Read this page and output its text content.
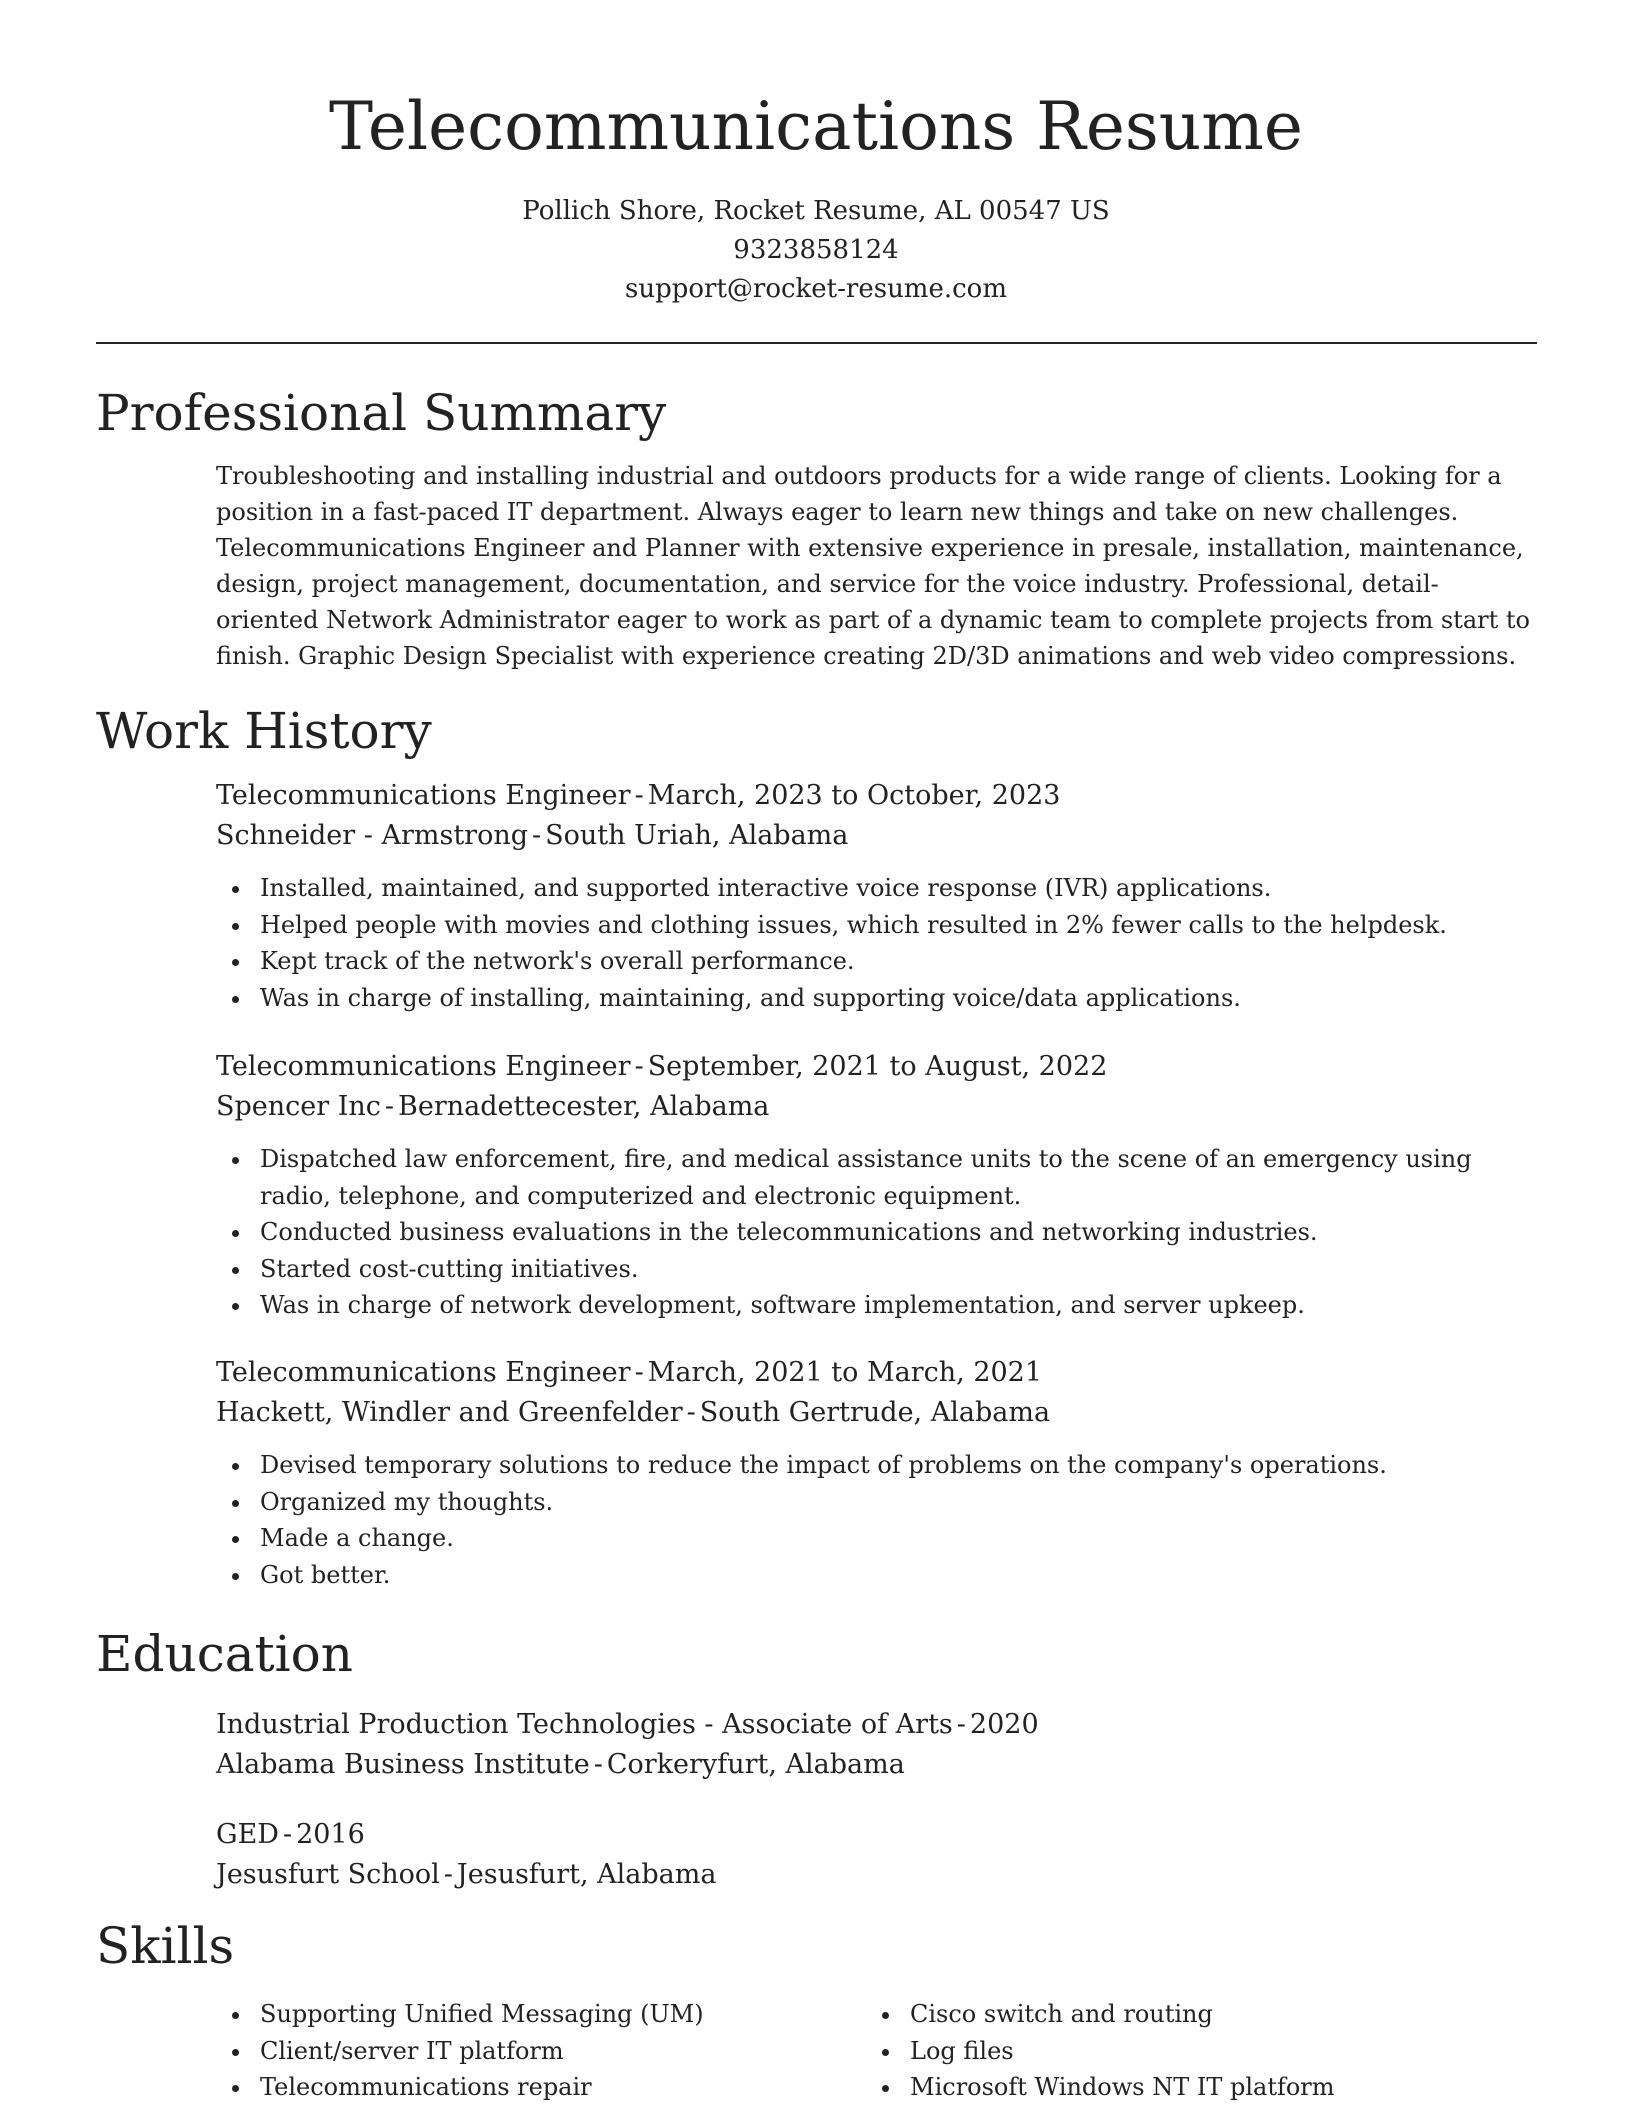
Telecommunications Resume
Pollich Shore, Rocket Resume, AL 00547 US
9323858124
support@rocket-resume.com
Professional Summary
Troubleshooting and installing industrial and outdoors products for a wide range of clients. Looking for a position in a fast-paced IT department. Always eager to learn new things and take on new challenges. Telecommunications Engineer and Planner with extensive experience in presale, installation, maintenance, design, project management, documentation, and service for the voice industry. Professional, detail-oriented Network Administrator eager to work as part of a dynamic team to complete projects from start to finish. Graphic Design Specialist with experience creating 2D/3D animations and web video compressions.
Work History
Telecommunications Engineer - March, 2023 to October, 2023
Schneider - Armstrong - South Uriah, Alabama
Installed, maintained, and supported interactive voice response (IVR) applications.
Helped people with movies and clothing issues, which resulted in 2% fewer calls to the helpdesk.
Kept track of the network's overall performance.
Was in charge of installing, maintaining, and supporting voice/data applications.
Telecommunications Engineer - September, 2021 to August, 2022
Spencer Inc - Bernadettecester, Alabama
Dispatched law enforcement, fire, and medical assistance units to the scene of an emergency using radio, telephone, and computerized and electronic equipment.
Conducted business evaluations in the telecommunications and networking industries.
Started cost-cutting initiatives.
Was in charge of network development, software implementation, and server upkeep.
Telecommunications Engineer - March, 2021 to March, 2021
Hackett, Windler and Greenfelder - South Gertrude, Alabama
Devised temporary solutions to reduce the impact of problems on the company's operations.
Organized my thoughts.
Made a change.
Got better.
Education
Industrial Production Technologies - Associate of Arts - 2020
Alabama Business Institute - Corkeryfurt, Alabama
GED - 2016
Jesusfurt School - Jesusfurt, Alabama
Skills
Supporting Unified Messaging (UM)
Client/server IT platform
Telecommunications repair
Cisco switch and routing
Log files
Microsoft Windows NT IT platform
